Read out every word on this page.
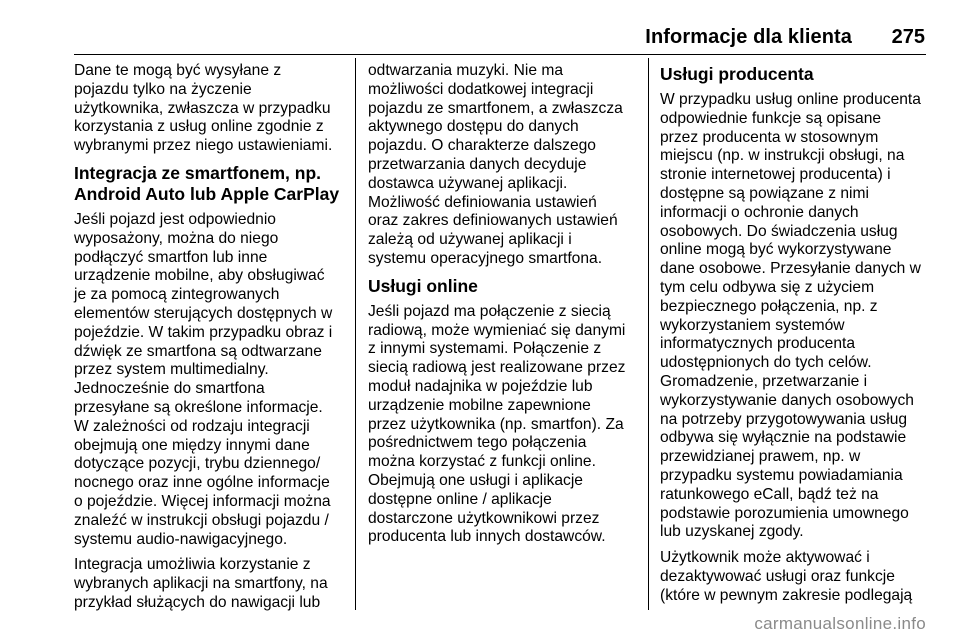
Informacje dla klienta 275
Dane te mogą być wysyłane z
pojazdu tylko na życzenie
użytkownika, zwłaszcza w przypadku
korzystania z usług online zgodnie z
wybranymi przez niego ustawieniami.
Integracja ze smartfonem, np.
Android Auto lub Apple CarPlay
Jeśli pojazd jest odpowiednio
wyposażony, można do niego
podłączyć smartfon lub inne
urządzenie mobilne, aby obsługiwać
je za pomocą zintegrowanych
elementów sterujących dostępnych w
pojeździe. W takim przypadku obraz i
dźwięk ze smartfona są odtwarzane
przez system multimedialny.
Jednocześnie do smartfona
przesyłane są określone informacje.
W zależności od rodzaju integracji
obejmują one między innymi dane
dotyczące pozycji, trybu dziennego/
nocnego oraz inne ogólne informacje
o pojeździe. Więcej informacji można
znaleźć w instrukcji obsługi pojazdu /
systemu audio-nawigacyjnego.
Integracja umożliwia korzystanie z
wybranych aplikacji na smartfony, na
przykład służących do nawigacji lub
odtwarzania muzyki. Nie ma
możliwości dodatkowej integracji
pojazdu ze smartfonem, a zwłaszcza
aktywnego dostępu do danych
pojazdu. O charakterze dalszego
przetwarzania danych decyduje
dostawca używanej aplikacji.
Możliwość definiowania ustawień
oraz zakres definiowanych ustawień
zależą od używanej aplikacji i
systemu operacyjnego smartfona.
Usługi online
Jeśli pojazd ma połączenie z siecią
radiową, może wymieniać się danymi
z innymi systemami. Połączenie z
siecią radiową jest realizowane przez
moduł nadajnika w pojeździe lub
urządzenie mobilne zapewnione
przez użytkownika (np. smartfon). Za
pośrednictwem tego połączenia
można korzystać z funkcji online.
Obejmują one usługi i aplikacje
dostępne online / aplikacje
dostarczone użytkownikowi przez
producenta lub innych dostawców.
Usługi producenta
W przypadku usług online producenta
odpowiednie funkcje są opisane
przez producenta w stosownym
miejscu (np. w instrukcji obsługi, na
stronie internetowej producenta) i
dostępne są powiązane z nimi
informacji o ochronie danych
osobowych. Do świadczenia usług
online mogą być wykorzystywane
dane osobowe. Przesyłanie danych w
tym celu odbywa się z użyciem
bezpiecznego połączenia, np. z
wykorzystaniem systemów
informatycznych producenta
udostępnionych do tych celów.
Gromadzenie, przetwarzanie i
wykorzystywanie danych osobowych
na potrzeby przygotowywania usług
odbywa się wyłącznie na podstawie
przewidzianej prawem, np. w
przypadku systemu powiadamiania
ratunkowego eCall, bądź też na
podstawie porozumienia umownego
lub uzyskanej zgody.
Użytkownik może aktywować i
dezaktywować usługi oraz funkcje
(które w pewnym zakresie podlegają
carmanualsonline.info
